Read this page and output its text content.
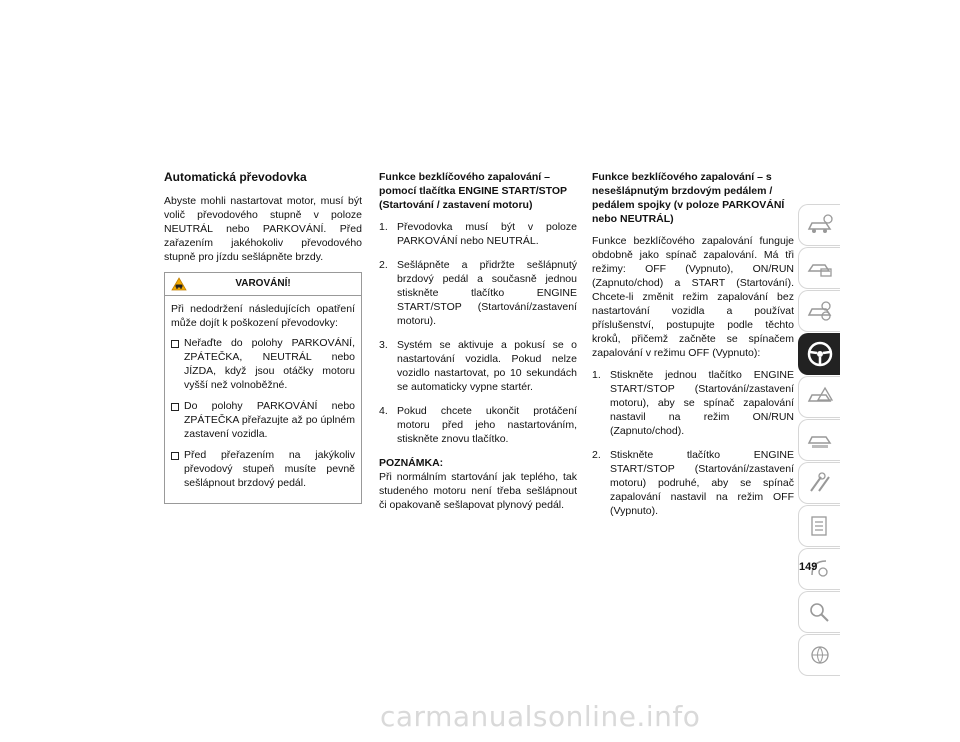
Automatická převodovka

Abyste mohli nastartovat motor, musí být volič převodového stupně v poloze NEUTRÁL nebo PARKOVÁNÍ. Před zařazením jakéhokoliv převodového stupně pro jízdu sešlápněte brzdy.

VAROVÁNÍ!

Při nedodržení následujících opatření může dojít k poškození převodovky:

Neřaďte do polohy PARKOVÁNÍ, ZPÁTEČKA, NEUTRÁL nebo JÍZDA, když jsou otáčky motoru vyšší než volnoběžné.
Do polohy PARKOVÁNÍ nebo ZPÁTEČKA přeřazujte až po úplném zastavení vozidla.
Před přeřazením na jakýkoliv převodový stupeň musíte pevně sešlápnout brzdový pedál.
Funkce bezklíčového zapalování – pomocí tlačítka ENGINE START/STOP (Startování / zastavení motoru)
1. Převodovka musí být v poloze PARKOVÁNÍ nebo NEUTRÁL.
2. Sešlápněte a přidržte sešlápnutý brzdový pedál a současně jednou stiskněte tlačítko ENGINE START/STOP (Startování/zastavení motoru).
3. Systém se aktivuje a pokusí se o nastartování vozidla. Pokud nelze vozidlo nastartovat, po 10 sekundách se automaticky vypne startér.
4. Pokud chcete ukončit protáčení motoru před jeho nastartováním, stiskněte znovu tlačítko.
POZNÁMKA:

Při normálním startování jak teplého, tak studeného motoru není třeba sešlápnout či opakovaně sešlapovat plynový pedál.

Funkce bezklíčového zapalování – s nesešlápnutým brzdovým pedálem / pedálem spojky (v poloze PARKOVÁNÍ nebo NEUTRÁL)

Funkce bezklíčového zapalování funguje obdobně jako spínač zapalování. Má tři režimy: OFF (Vypnuto), ON/RUN (Zapnuto/chod) a START (Startování). Chcete-li změnit režim zapalování bez nastartování vozidla a používat příslušenství, postupujte podle těchto kroků, přičemž začněte se spínačem zapalování v režimu OFF (Vypnuto):

1. Stiskněte jednou tlačítko ENGINE START/STOP (Startování/zastavení motoru), aby se spínač zapalování nastavil na režim ON/RUN (Zapnuto/chod).
2. Stiskněte tlačítko ENGINE START/STOP (Startování/zastavení motoru) podruhé, aby se spínač zapalování nastavil na režim OFF (Vypnuto).
149
carmanualsonline.info
